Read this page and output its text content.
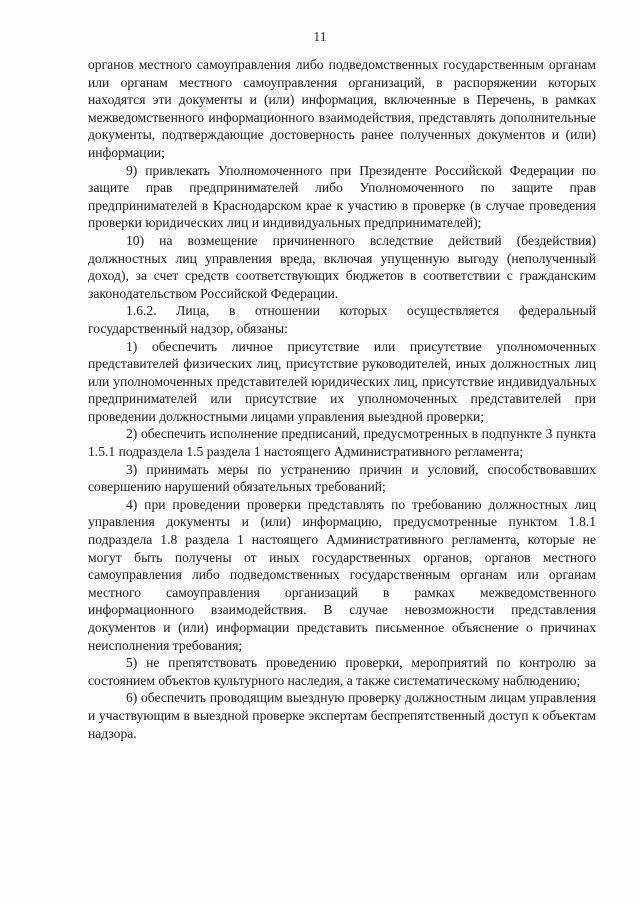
11

органов местного самоуправления либо подведомственных государственным органам или органам местного самоуправления организаций, в распоряжении которых находятся эти документы и (или) информация, включенные в Перечень, в рамках межведомственного информационного взаимодействия, представлять дополнительные документы, подтверждающие достоверность ранее полученных документов и (или) информации;

9) привлекать Уполномоченного при Президенте Российской Федерации по защите прав предпринимателей либо Уполномоченного по защите прав предпринимателей в Краснодарском крае к участию в проверке (в случае проведения проверки юридических лиц и индивидуальных предпринимателей);

10) на возмещение причиненного вследствие действий (бездействия) должностных лиц управления вреда, включая упущенную выгоду (неполученный доход), за счет средств соответствующих бюджетов в соответствии с гражданским законодательством Российской Федерации.

1.6.2. Лица, в отношении которых осуществляется федеральный государственный надзор, обязаны:

1) обеспечить личное присутствие или присутствие уполномоченных представителей физических лиц, присутствие руководителей, иных должностных лиц или уполномоченных представителей юридических лиц, присутствие индивидуальных предпринимателей или присутствие их уполномоченных представителей при проведении должностными лицами управления выездной проверки;

2) обеспечить исполнение предписаний, предусмотренных в подпункте 3 пункта 1.5.1 подраздела 1.5 раздела 1 настоящего Административного регламента;

3) принимать меры по устранению причин и условий, способствовавших совершению нарушений обязательных требований;

4) при проведении проверки представлять по требованию должностных лиц управления документы и (или) информацию, предусмотренные пунктом 1.8.1 подраздела 1.8 раздела 1 настоящего Административного регламента, которые не могут быть получены от иных государственных органов, органов местного самоуправления либо подведомственных государственным органам или органам местного самоуправления организаций в рамках межведомственного информационного взаимодействия. В случае невозможности представления документов и (или) информации представить письменное объяснение о причинах неисполнения требования;

5) не препятствовать проведению проверки, мероприятий по контролю за состоянием объектов культурного наследия, а также систематическому наблюдению;

6) обеспечить проводящим выездную проверку должностным лицам управления и участвующим в выездной проверке экспертам беспрепятственный доступ к объектам надзора.
